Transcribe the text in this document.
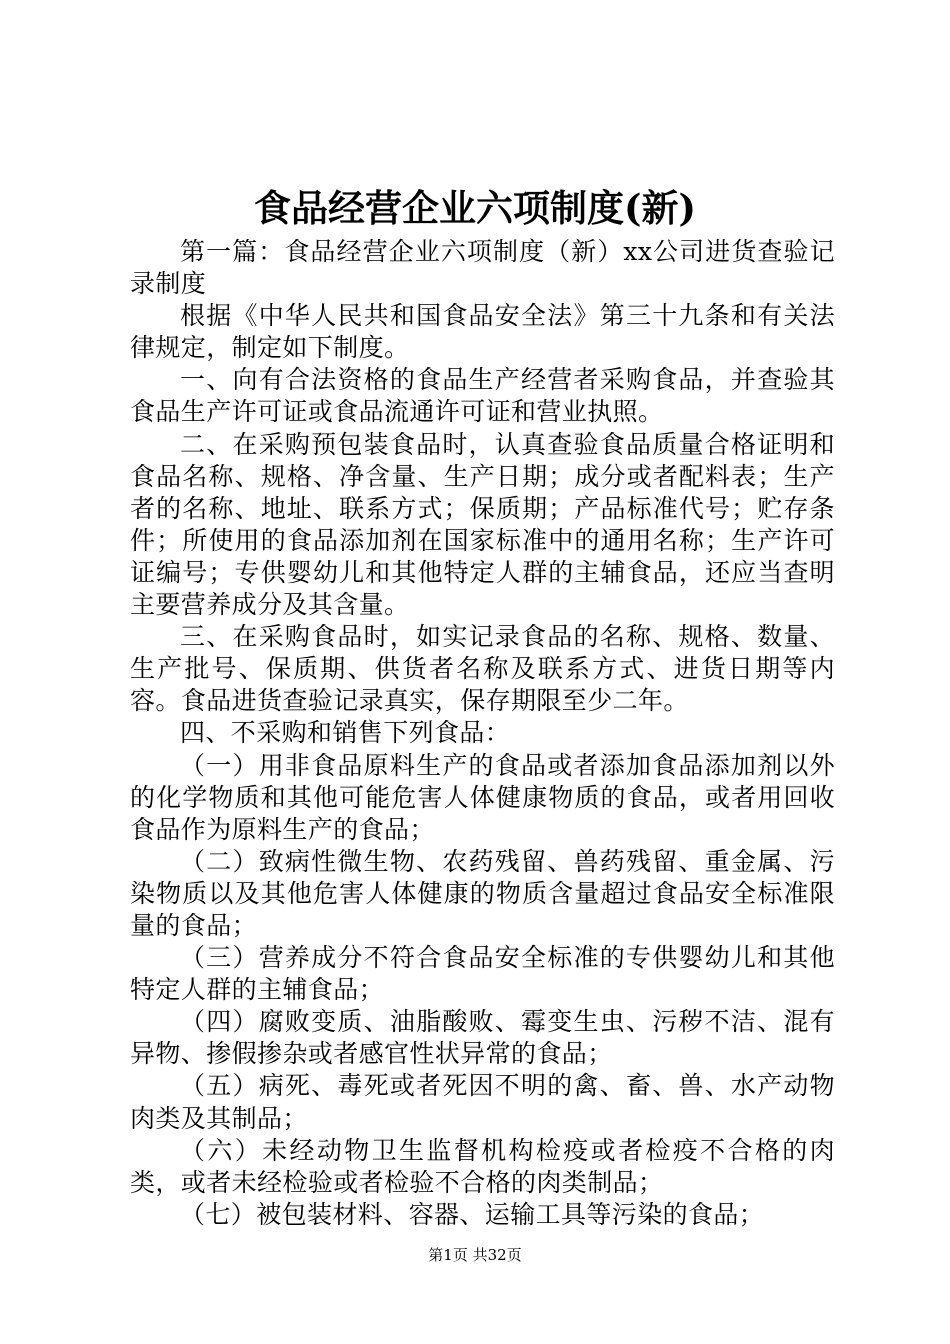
食品经营企业六项制度(新)

第一篇：食品经营企业六项制度（新）xx公司进货查验记录制度

根据《中华人民共和国食品安全法》第三十九条和有关法律规定，制定如下制度。

一、向有合法资格的食品生产经营者采购食品，并查验其食品生产许可证或食品流通许可证和营业执照。

二、在采购预包装食品时，认真查验食品质量合格证明和食品名称、规格、净含量、生产日期；成分或者配料表；生产者的名称、地址、联系方式；保质期；产品标准代号；贮存条件；所使用的食品添加剂在国家标准中的通用名称；生产许可证编号；专供婴幼儿和其他特定人群的主辅食品，还应当查明主要营养成分及其含量。

三、在采购食品时，如实记录食品的名称、规格、数量、生产批号、保质期、供货者名称及联系方式、进货日期等内容。食品进货查验记录真实，保存期限至少二年。

四、不采购和销售下列食品：

（一）用非食品原料生产的食品或者添加食品添加剂以外的化学物质和其他可能危害人体健康物质的食品，或者用回收食品作为原料生产的食品；

（二）致病性微生物、农药残留、兽药残留、重金属、污染物质以及其他危害人体健康的物质含量超过食品安全标准限量的食品；

（三）营养成分不符合食品安全标准的专供婴幼儿和其他特定人群的主辅食品；

（四）腐败变质、油脂酸败、霉变生虫、污秽不洁、混有异物、掺假掺杂或者感官性状异常的食品；

（五）病死、毒死或者死因不明的禽、畜、兽、水产动物肉类及其制品；

（六）未经动物卫生监督机构检疫或者检疫不合格的肉类，或者未经检验或者检验不合格的肉类制品；

（七）被包装材料、容器、运输工具等污染的食品；

第1页 共32页
